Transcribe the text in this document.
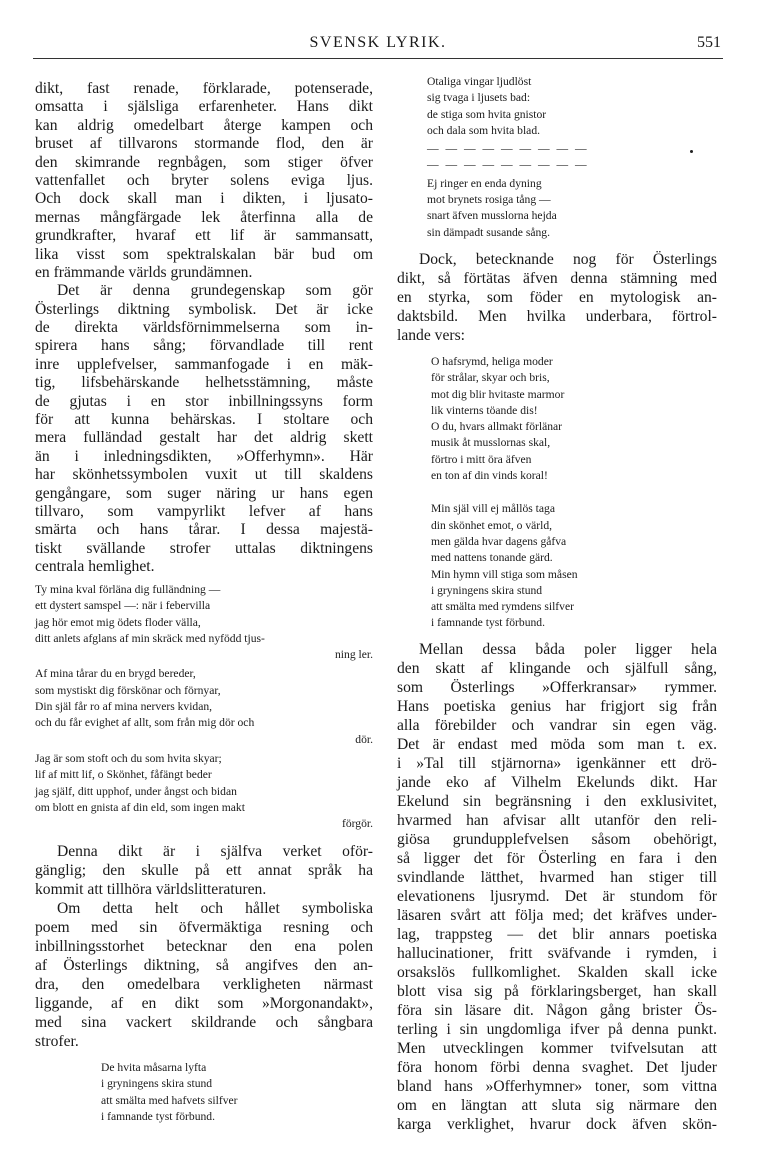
SVENSK LYRIK.	551
dikt, fast renade, förklarade, potenserade,
omsatta i själsliga erfarenheter. Hans dikt
kan aldrig omedelbart återge kampen och
bruset af tillvarons stormande flod, den är
den skimrande regnbågen, som stiger öfver
vattenfallet och bryter solens eviga ljus.
Och dock skall man i dikten, i ljusato-
mernas mångfärgade lek återfinna alla de
grundkrafter, hvaraf ett lif är sammansatt,
lika visst som spektralskalan bär bud om
en främmande världs grundämnen.
Det är denna grundegenskap som gör
Österlings diktning symbolisk. Det är icke
de direkta världsförnimmelserna som in-
spirera hans sång; förvandlade till rent
inre upplefvelser, sammanfogade i en mäk-
tig, lifsbehärskande helhetsstämning, måste
de gjutas i en stor inbillningssyns form
för att kunna behärskas. I stoltare och
mera fulländad gestalt har det aldrig skett
än i inledningsdikten, »Offerhymn». Här
har skönhetssymbolen vuxit ut till skaldens
gengångare, som suger näring ur hans egen
tillvaro, som vampyrlikt lefver af hans
smärta och hans tårar. I dessa majestä-
tiskt svällande strofer uttalas diktningens
centrala hemlighet.
Ty mina kval förläna dig fulländning —
ett dystert samspel —: när i febervilla
jag hör emot mig ödets floder välla,
ditt anlets afglans af min skräck med nyfödd tjus-
ning ler.
Af mina tårar du en brygd bereder,
som mystiskt dig förskönar och förnyar,
Din själ får ro af mina nervers kvidan,
och du får evighet af allt, som från mig dör och
dör.
Jag är som stoft och du som hvita skyar;
lif af mitt lif, o Skönhet, fåfängt beder
jag själf, ditt upphof, under ångst och bidan
om blott en gnista af din eld, som ingen makt
förgör.
Denna dikt är i själfva verket oför-
gänglig; den skulle på ett annat språk ha
kommit att tillhöra världslitteraturen.
Om detta helt och hållet symboliska
poem med sin öfvermäktiga resning och
inbillningsstorhet betecknar den ena polen
af Österlings diktning, så angifves den an-
dra, den omedelbara verkligheten närmast
liggande, af en dikt som »Morgonandakt»,
med sina vackert skildrande och sångbara
strofer.
De hvita måsarna lyfta
i gryningens skira stund
att smälta med hafvets silfver
i famnande tyst förbund.
Otaliga vingar ljudlöst
sig tvaga i ljusets bad:
de stiga som hvita gnistor
och dala som hvita blad.
— — — — — — — — —
— — — — — — — — —
Ej ringer en enda dyning
mot brynets rosiga tång —
snart äfven musslorna hejda
sin dämpadt susande sång.
Dock, betecknande nog för Österlings
dikt, så förtätas äfven denna stämning med
en styrka, som föder en mytologisk an-
daktsbild. Men hvilka underbara, förtrol-
lande vers:
O hafsrymd, heliga moder
för strålar, skyar och bris,
mot dig blir hvitaste marmor
lik vinterns töande dis!
O du, hvars allmakt förlänar
musik åt musslornas skal,
förtro i mitt öra äfven
en ton af din vinds koral!
Min själ vill ej mållös taga
din skönhet emot, o värld,
men gälda hvar dagens gåfva
med nattens tonande gärd.
Min hymn vill stiga som måsen
i gryningens skira stund
att smälta med rymdens silfver
i famnande tyst förbund.
Mellan dessa båda poler ligger hela
den skatt af klingande och själfull sång,
som Österlings »Offerkransar» rymmer.
Hans poetiska genius har frigjort sig från
alla förebilder och vandrar sin egen väg.
Det är endast med möda som man t. ex.
i »Tal till stjärnorna» igenkänner ett drö-
jande eko af Vilhelm Ekelunds dikt. Har
Ekelund sin begränsning i den exklusivitet,
hvarmed han afvisar allt utanför den reli-
giösa grundupplefvelsen såsom obehörigt,
så ligger det för Österling en fara i den
svindlande lätthet, hvarmed han stiger till
elevationens ljusrymd. Det är stundom för
läsaren svårt att följa med; det kräfves under-
lag, trappsteg — det blir annars poetiska
hallucinationer, fritt sväfvande i rymden, i
orsakslös fullkomlighet. Skalden skall icke
blott visa sig på förklaringsberget, han skall
föra sin läsare dit. Någon gång brister Ös-
terling i sin ungdomliga ifver på denna punkt.
Men utvecklingen kommer tvifvelsutan att
föra honom förbi denna svaghet. Det ljuder
bland hans »Offerhymner» toner, som vittna
om en längtan att sluta sig närmare den
karga verklighet, hvarur dock äfven skön-
